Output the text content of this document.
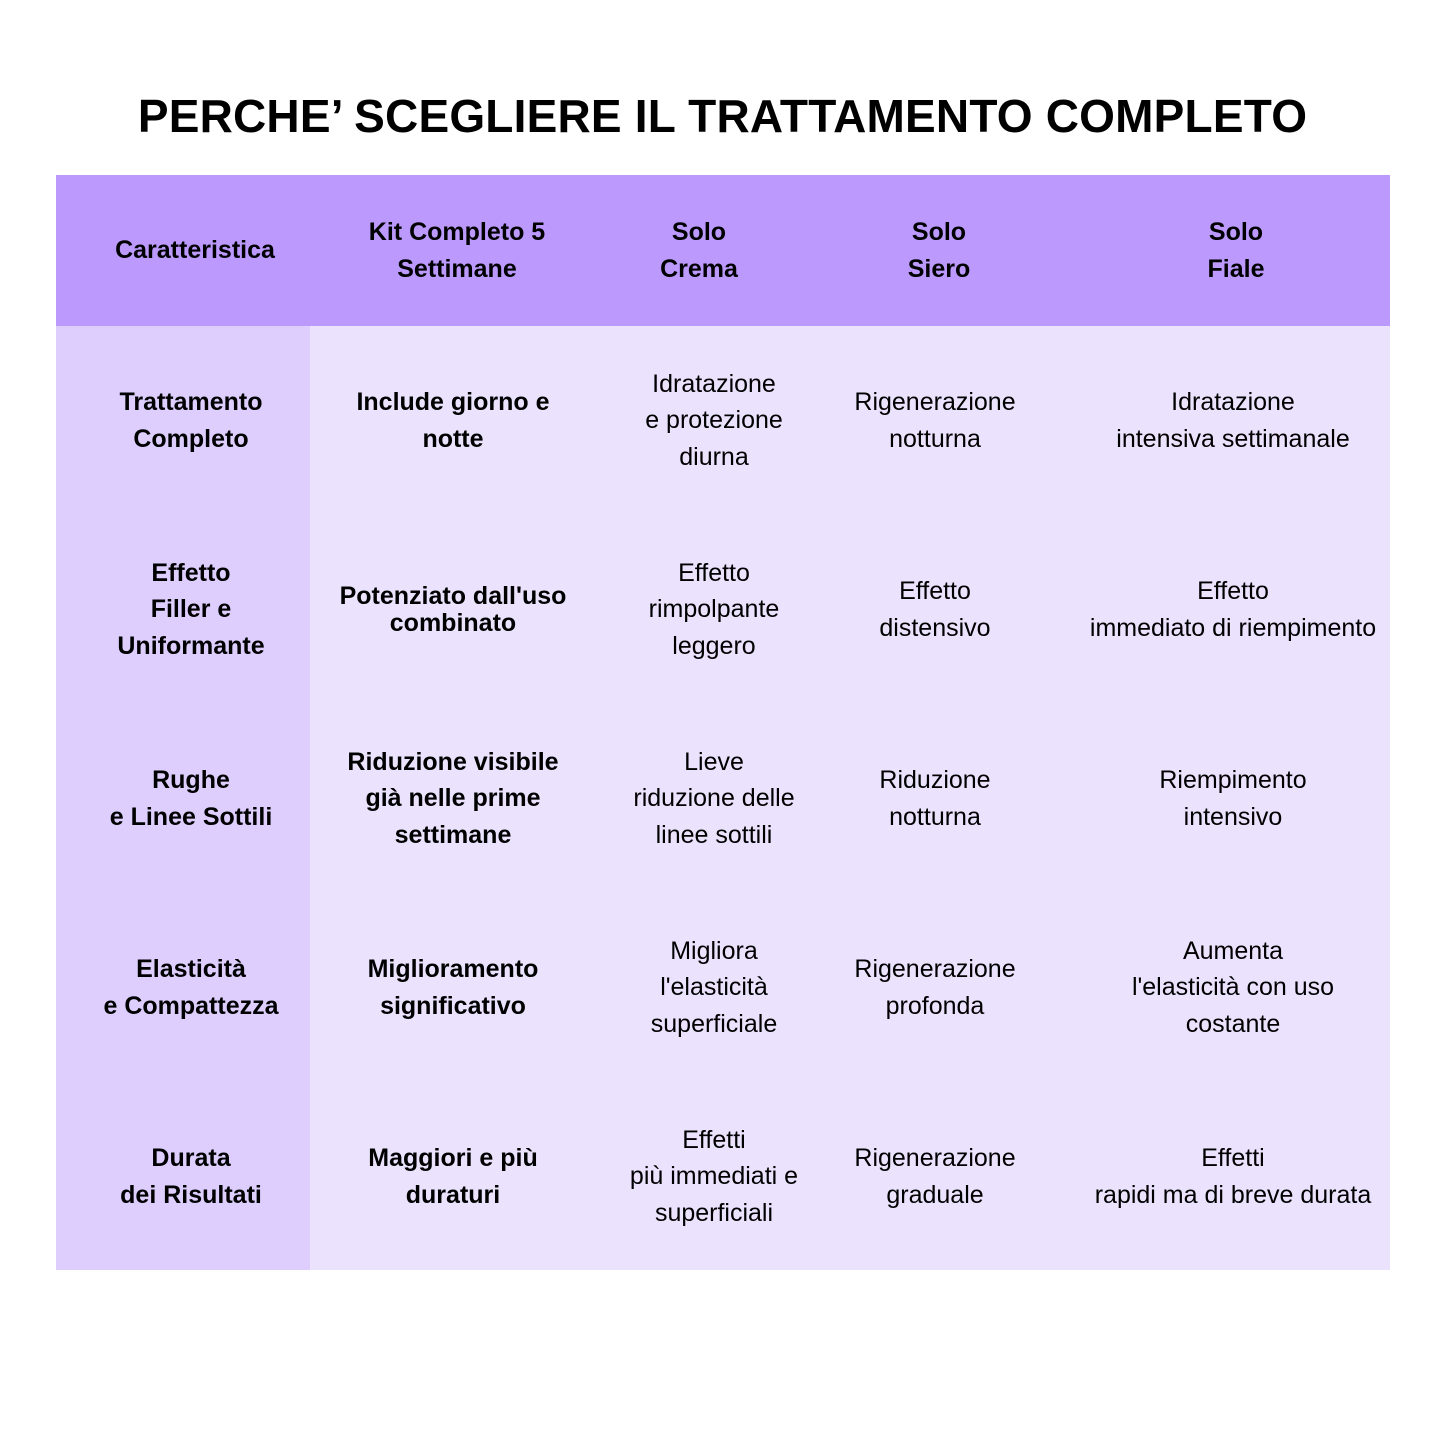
PERCHE’ SCEGLIERE IL TRATTAMENTO COMPLETO
Caratteristica
Kit Completo 5
Settimane
Solo
Crema
Solo
Siero
Solo
Fiale
Trattamento
Completo
Include giorno e
notte
Idratazione
e protezione
diurna
Rigenerazione
notturna
Idratazione
intensiva settimanale
Effetto
Filler e
Uniformante
Potenziato dall'uso
combinato
Effetto
rimpolpante
leggero
Effetto
distensivo
Effetto
immediato di riempimento
Rughe
e Linee Sottili
Riduzione visibile
già nelle prime
settimane
Lieve
riduzione delle
linee sottili
Riduzione
notturna
Riempimento
intensivo
Elasticità
e Compattezza
Miglioramento
significativo
Migliora
l'elasticità
superficiale
Rigenerazione
profonda
Aumenta
l'elasticità con uso
costante
Durata
dei Risultati
Maggiori e più
duraturi
Effetti
più immediati e
superficiali
Rigenerazione
graduale
Effetti
rapidi ma di breve durata
